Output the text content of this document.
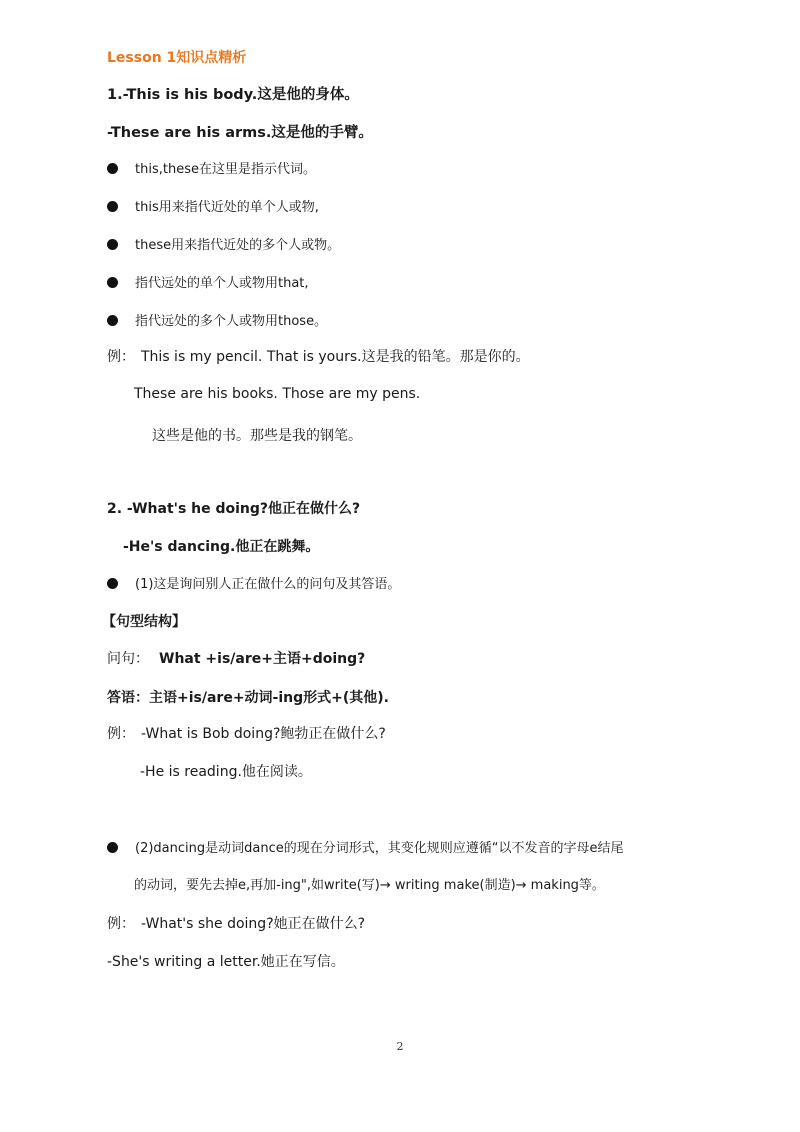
Lesson 1知识点精析
1.-This is his body.这是他的身体。
-These are his arms.这是他的手臂。
this,these在这里是指示代词。
this用来指代近处的单个人或物,
these用来指代近处的多个人或物。
指代远处的单个人或物用that,
指代远处的多个人或物用those。
例： This is my pencil. That is yours.这是我的铅笔。那是你的。
These are his books. Those are my pens.
这些是他的书。那些是我的钢笔。
2. -What's he doing?他正在做什么?
-He's dancing.他正在跳舞。
(1)这是询问别人正在做什么的问句及其答语。
【句型结构】
问句： What +is/are+主语+doing?
答语：主语+is/are+动词-ing形式+(其他).
例： -What is Bob doing?鲍勃正在做什么?
-He is reading.他在阅读。
(2)dancing是动词dance的现在分词形式，其变化规则应遵循“以不发音的字母e结尾
的动词，要先去掉e,再加-ing",如write(写)→ writing make(制造)→ making等。
例： -What's she doing?她正在做什么?
-She's writing a letter.她正在写信。
2
